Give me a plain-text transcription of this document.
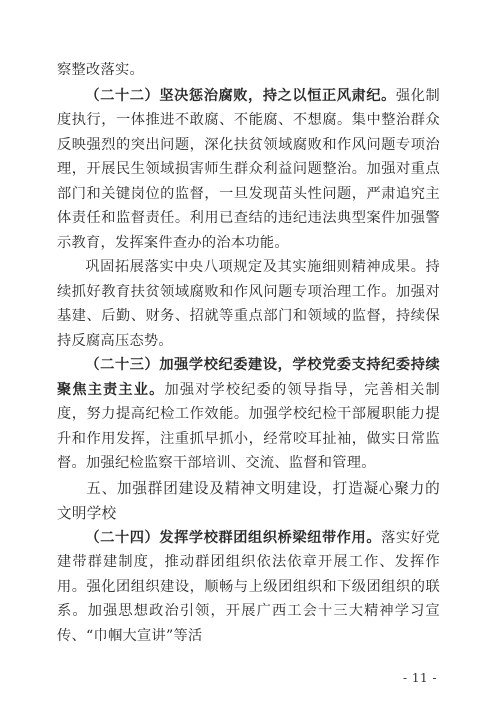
察整改落实。

（二十二）坚决惩治腐败，持之以恒正风肃纪。强化制度执行，一体推进不敢腐、不能腐、不想腐。集中整治群众反映强烈的突出问题，深化扶贫领域腐败和作风问题专项治理，开展民生领域损害师生群众利益问题整治。加强对重点部门和关键岗位的监督，一旦发现苗头性问题，严肃追究主体责任和监督责任。利用已查结的违纪违法典型案件加强警示教育，发挥案件查办的治本功能。

巩固拓展落实中央八项规定及其实施细则精神成果。持续抓好教育扶贫领域腐败和作风问题专项治理工作。加强对基建、后勤、财务、招就等重点部门和领域的监督，持续保持反腐高压态势。

（二十三）加强学校纪委建设，学校党委支持纪委持续聚焦主责主业。加强对学校纪委的领导指导，完善相关制度，努力提高纪检工作效能。加强学校纪检干部履职能力提升和作用发挥，注重抓早抓小，经常咬耳扯袖，做实日常监督。加强纪检监察干部培训、交流、监督和管理。

五、加强群团建设及精神文明建设，打造凝心聚力的文明学校

（二十四）发挥学校群团组织桥梁纽带作用。落实好党建带群建制度，推动群团组织依法依章开展工作、发挥作用。强化团组织建设，顺畅与上级团组织和下级团组织的联系。加强思想政治引领，开展广西工会十三大精神学习宣传、“巾帼大宣讲”等活

- 11 -
